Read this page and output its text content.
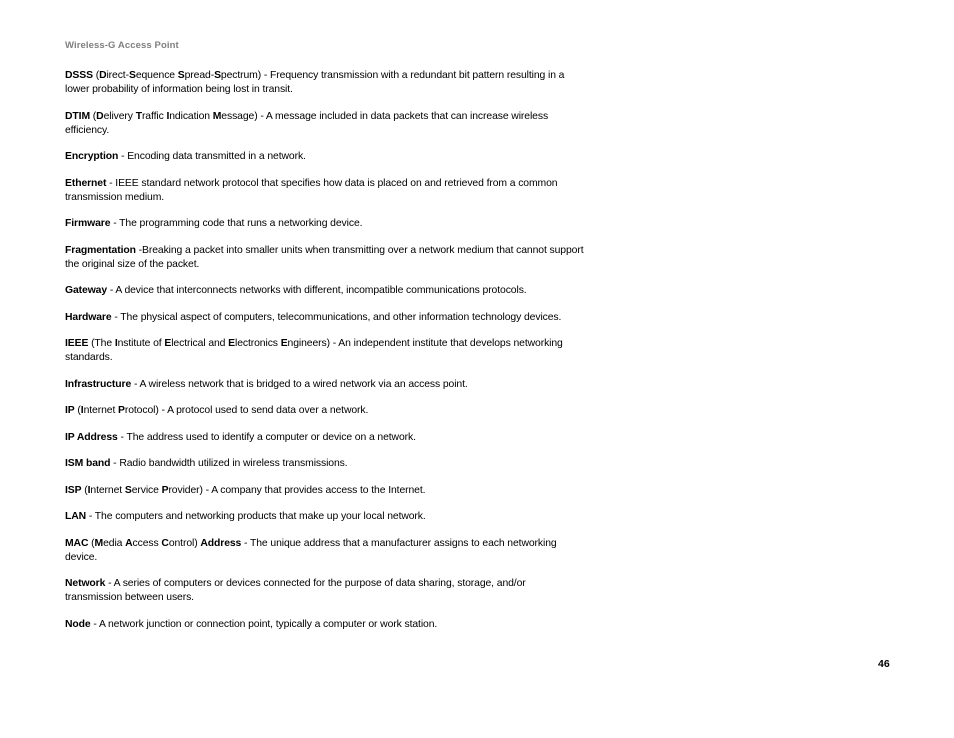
Wireless-G Access Point

DSSS (Direct-Sequence Spread-Spectrum) - Frequency transmission with a redundant bit pattern resulting in a lower probability of information being lost in transit.

DTIM (Delivery Traffic Indication Message) - A message included in data packets that can increase wireless efficiency.

Encryption - Encoding data transmitted in a network.

Ethernet - IEEE standard network protocol that specifies how data is placed on and retrieved from a common transmission medium.

Firmware - The programming code that runs a networking device.

Fragmentation -Breaking a packet into smaller units when transmitting over a network medium that cannot support the original size of the packet.

Gateway - A device that interconnects networks with different, incompatible communications protocols.

Hardware - The physical aspect of computers, telecommunications, and other information technology devices.

IEEE (The Institute of Electrical and Electronics Engineers) - An independent institute that develops networking standards.

Infrastructure - A wireless network that is bridged to a wired network via an access point.

IP (Internet Protocol) - A protocol used to send data over a network.

IP Address - The address used to identify a computer or device on a network.

ISM band - Radio bandwidth utilized in wireless transmissions.

ISP (Internet Service Provider) - A company that provides access to the Internet.

LAN - The computers and networking products that make up your local network.

MAC (Media Access Control) Address - The unique address that a manufacturer assigns to each networking device.

Network - A series of computers or devices connected for the purpose of data sharing, storage, and/or transmission between users.

Node - A network junction or connection point, typically a computer or work station.

46
